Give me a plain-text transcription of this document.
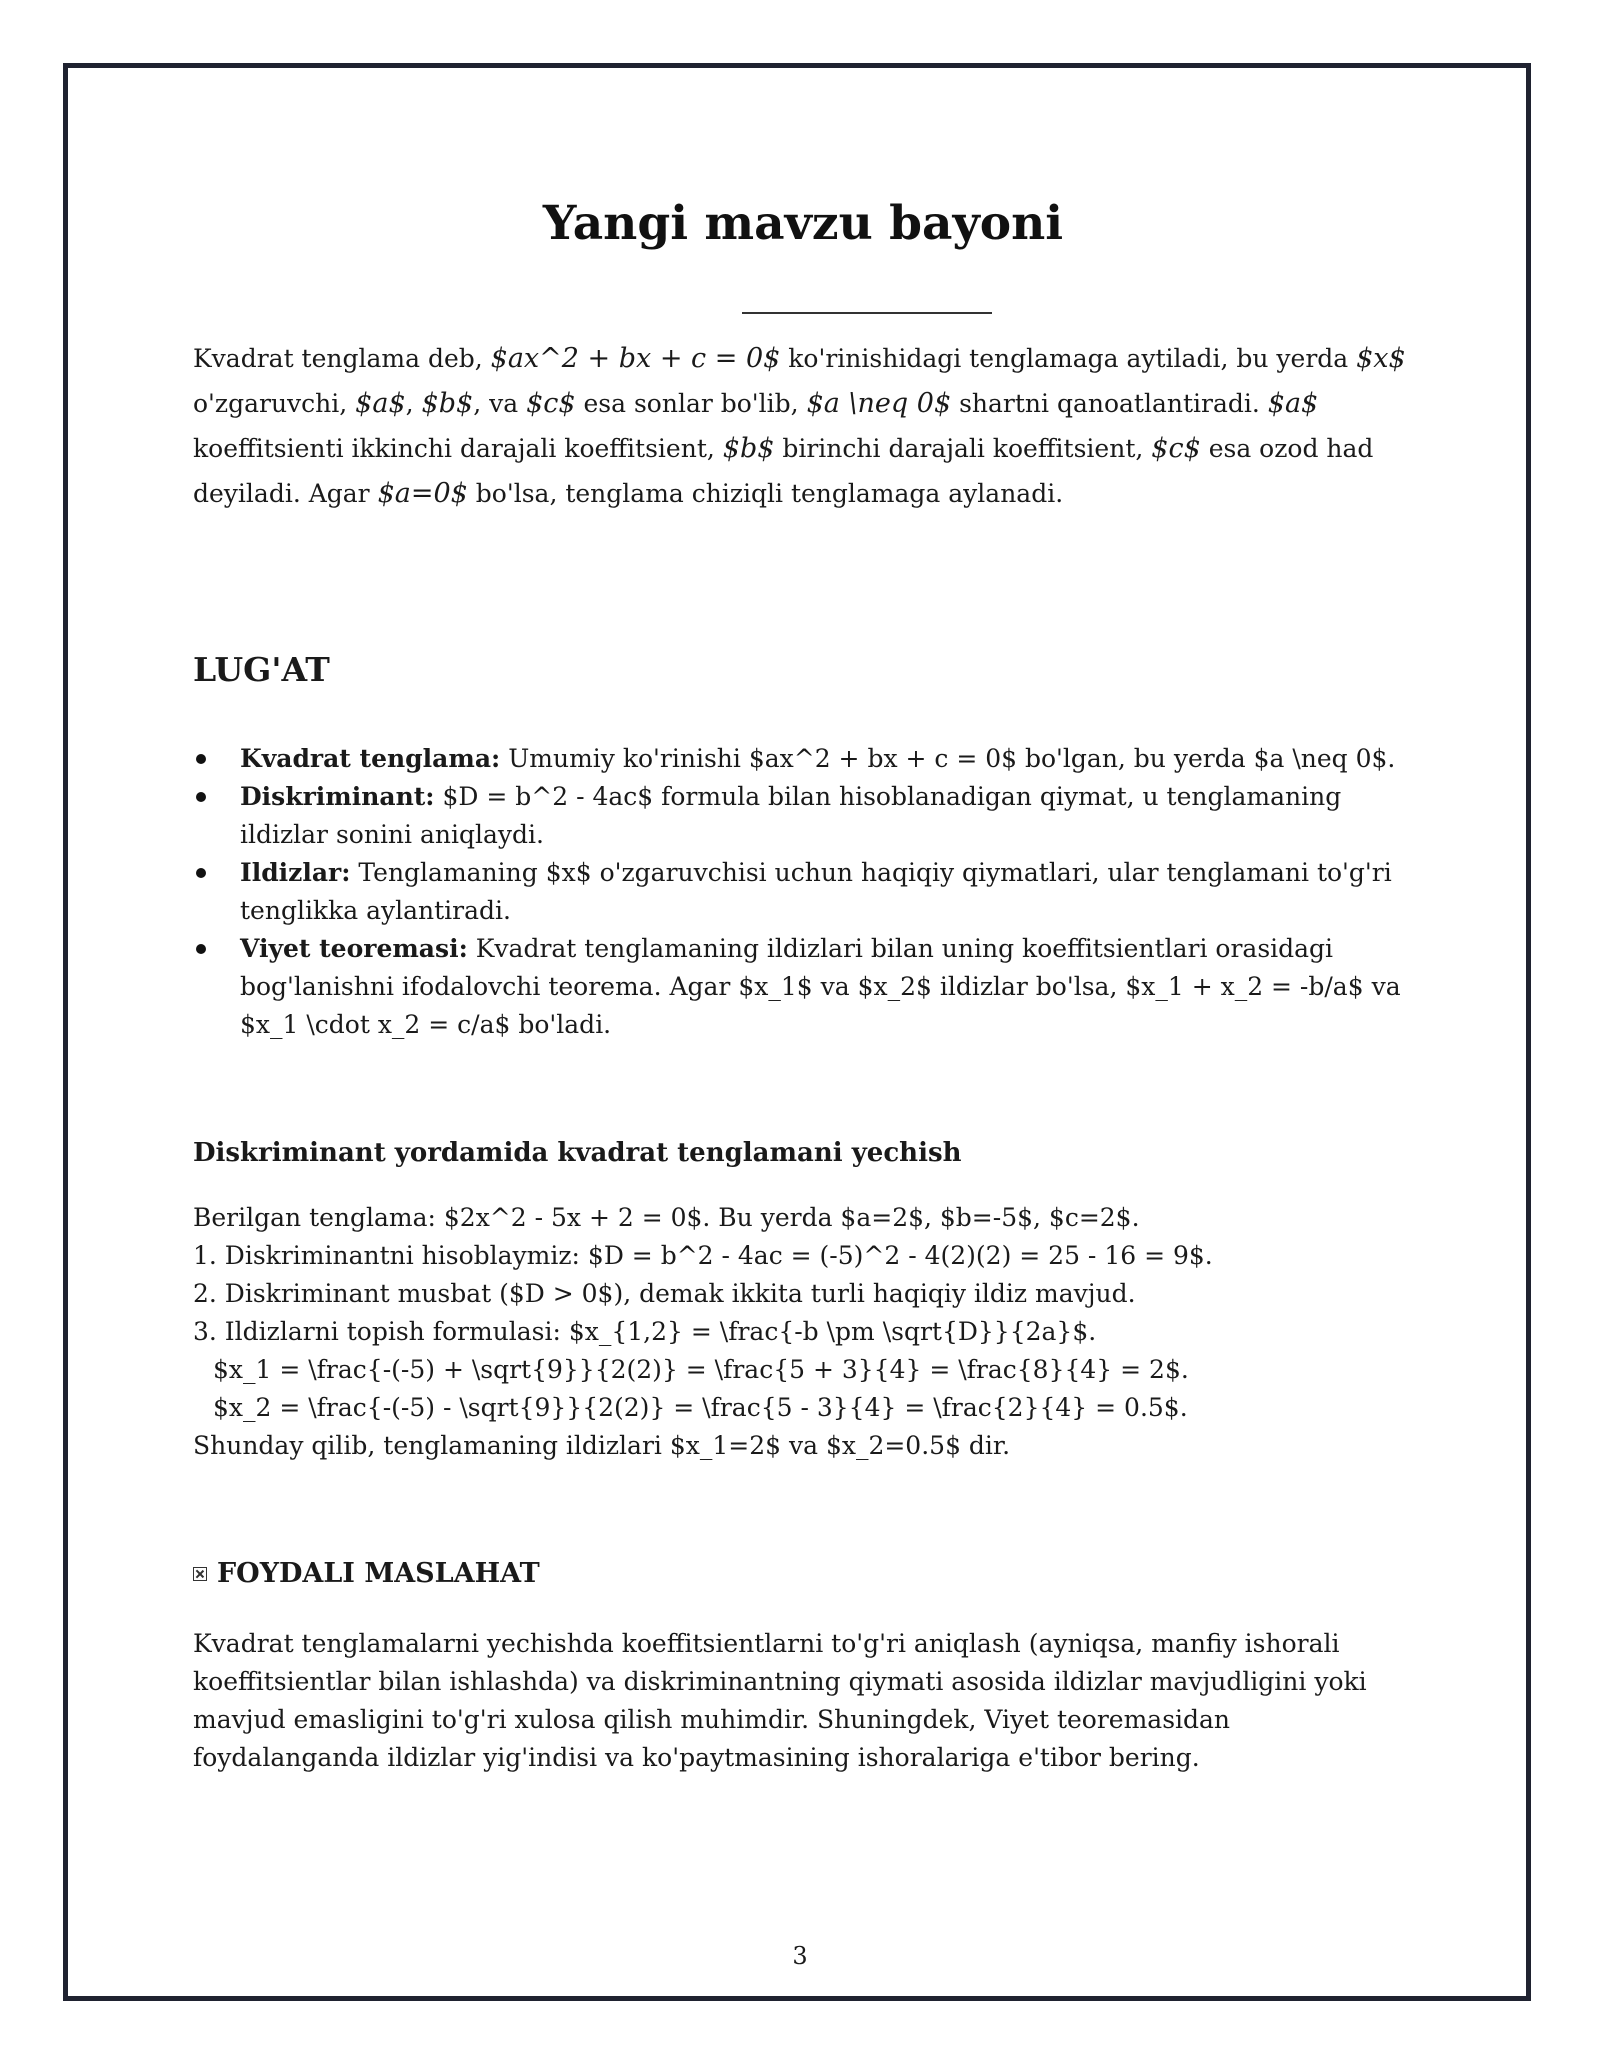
Yangi mavzu bayoni

Kvadrat tenglama deb, $ax^2 + bx + c = 0$ ko'rinishidagi tenglamaga aytiladi, bu yerda $x$ o'zgaruvchi, $a$, $b$, va $c$ esa sonlar bo'lib, $a \neq 0$ shartni qanoatlantiradi. $a$ koeffitsienti ikkinchi darajali koeffitsient, $b$ birinchi darajali koeffitsient, $c$ esa ozod had deyiladi. Agar $a=0$ bo'lsa, tenglama chiziqli tenglamaga aylanadi.

LUG'AT
Kvadrat tenglama: Umumiy ko'rinishi $ax^2 + bx + c = 0$ bo'lgan, bu yerda $a \neq 0$.
Diskriminant: $D = b^2 - 4ac$ formula bilan hisoblanadigan qiymat, u tenglamaning ildizlar sonini aniqlaydi.
Ildizlar: Tenglamaning $x$ o'zgaruvchisi uchun haqiqiy qiymatlari, ular tenglamani to'g'ri tenglikka aylantiradi.
Viyet teoremasi: Kvadrat tenglamaning ildizlari bilan uning koeffitsientlari orasidagi bog'lanishni ifodalovchi teorema. Agar $x_1$ va $x_2$ ildizlar bo'lsa, $x_1 + x_2 = -b/a$ va $x_1 \cdot x_2 = c/a$ bo'ladi.
Diskriminant yordamida kvadrat tenglamani yechish
Berilgan tenglama: $2x^2 - 5x + 2 = 0$. Bu yerda $a=2$, $b=-5$, $c=2$.
1. Diskriminantni hisoblaymiz: $D = b^2 - 4ac = (-5)^2 - 4(2)(2) = 25 - 16 = 9$.
2. Diskriminant musbat ($D > 0$), demak ikkita turli haqiqiy ildiz mavjud.
3. Ildizlarni topish formulasi: $x_{1,2} = \frac{-b \pm \sqrt{D}}{2a}$.
$x_1 = \frac{-(-5) + \sqrt{9}}{2(2)} = \frac{5 + 3}{4} = \frac{8}{4} = 2$.
$x_2 = \frac{-(-5) - \sqrt{9}}{2(2)} = \frac{5 - 3}{4} = \frac{2}{4} = 0.5$.
Shunday qilib, tenglamaning ildizlari $x_1=2$ va $x_2=0.5$ dir.
FOYDALI MASLAHAT

Kvadrat tenglamalarni yechishda koeffitsientlarni to'g'ri aniqlash (ayniqsa, manfiy ishorali koeffitsientlar bilan ishlashda) va diskriminantning qiymati asosida ildizlar mavjudligini yoki mavjud emasligini to'g'ri xulosa qilish muhimdir. Shuningdek, Viyet teoremasidan foydalanganda ildizlar yig'indisi va ko'paytmasining ishoralariga e'tibor bering.

3
